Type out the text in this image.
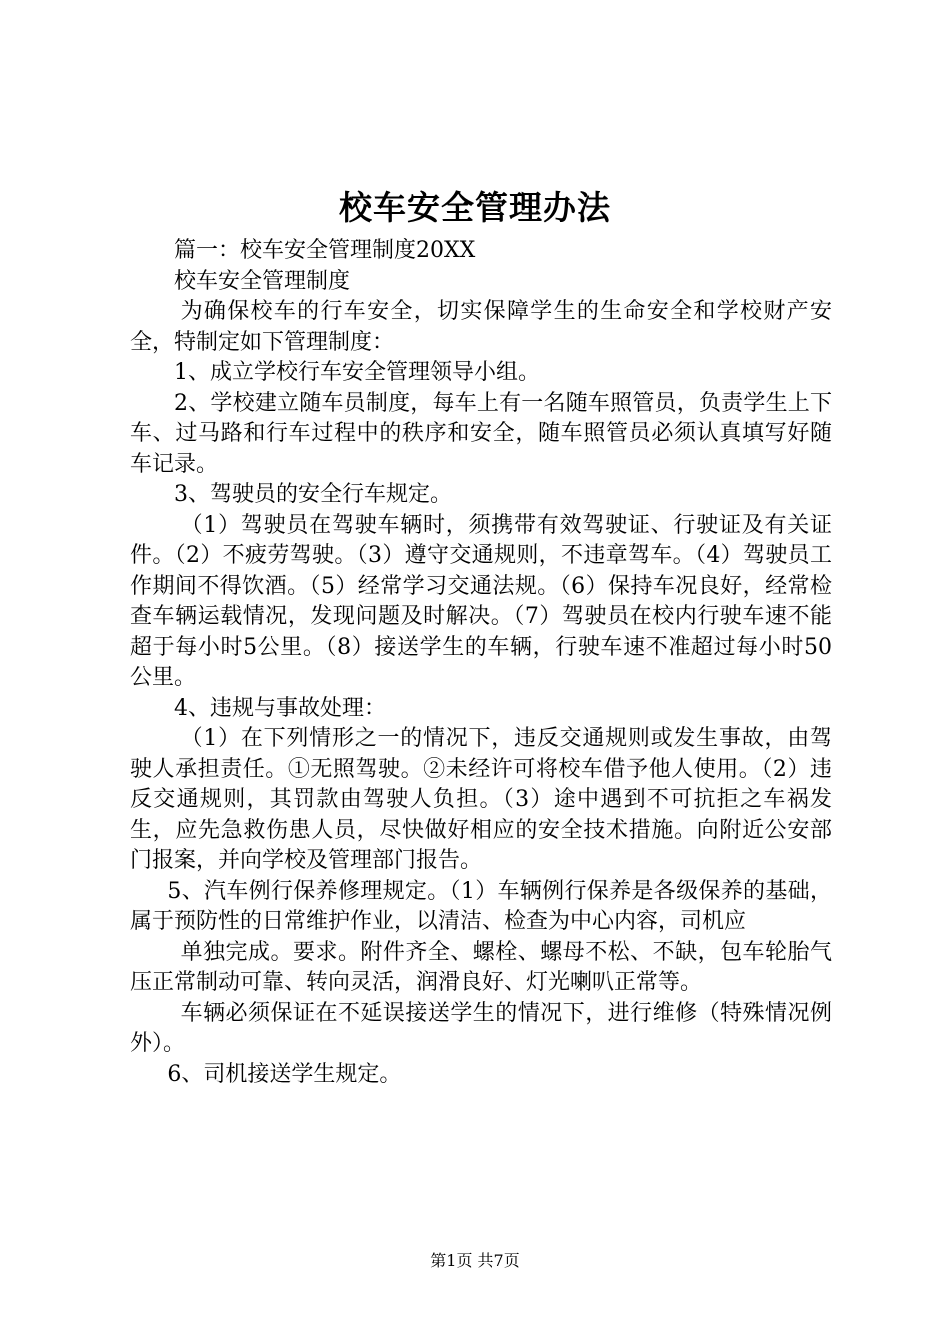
校车安全管理办法

篇一：校车安全管理制度20XX

校车安全管理制度

为确保校车的行车安全，切实保障学生的生命安全和学校财产安全，特制定如下管理制度：

1、成立学校行车安全管理领导小组。

2、学校建立随车员制度，每车上有一名随车照管员，负责学生上下车、过马路和行车过程中的秩序和安全，随车照管员必须认真填写好随车记录。

3、驾驶员的安全行车规定。

（1）驾驶员在驾驶车辆时，须携带有效驾驶证、行驶证及有关证件。（2）不疲劳驾驶。（3）遵守交通规则，不违章驾车。（4）驾驶员工作期间不得饮酒。（5）经常学习交通法规。（6）保持车况良好，经常检查车辆运载情况，发现问题及时解决。（7）驾驶员在校内行驶车速不能超于每小时5公里。（8）接送学生的车辆，行驶车速不准超过每小时50公里。

4、违规与事故处理：

（1）在下列情形之一的情况下，违反交通规则或发生事故，由驾驶人承担责任。①无照驾驶。②未经许可将校车借予他人使用。（2）违反交通规则，其罚款由驾驶人负担。（3）途中遇到不可抗拒之车祸发生，应先急救伤患人员，尽快做好相应的安全技术措施。向附近公安部门报案，并向学校及管理部门报告。

5、汽车例行保养修理规定。（1）车辆例行保养是各级保养的基础，属于预防性的日常维护作业，以清洁、检查为中心内容，司机应

单独完成。要求。附件齐全、螺栓、螺母不松、不缺，包车轮胎气压正常制动可靠、转向灵活，润滑良好、灯光喇叭正常等。

车辆必须保证在不延误接送学生的情况下，进行维修（特殊情况例外）。

6、司机接送学生规定。

第1页 共7页
